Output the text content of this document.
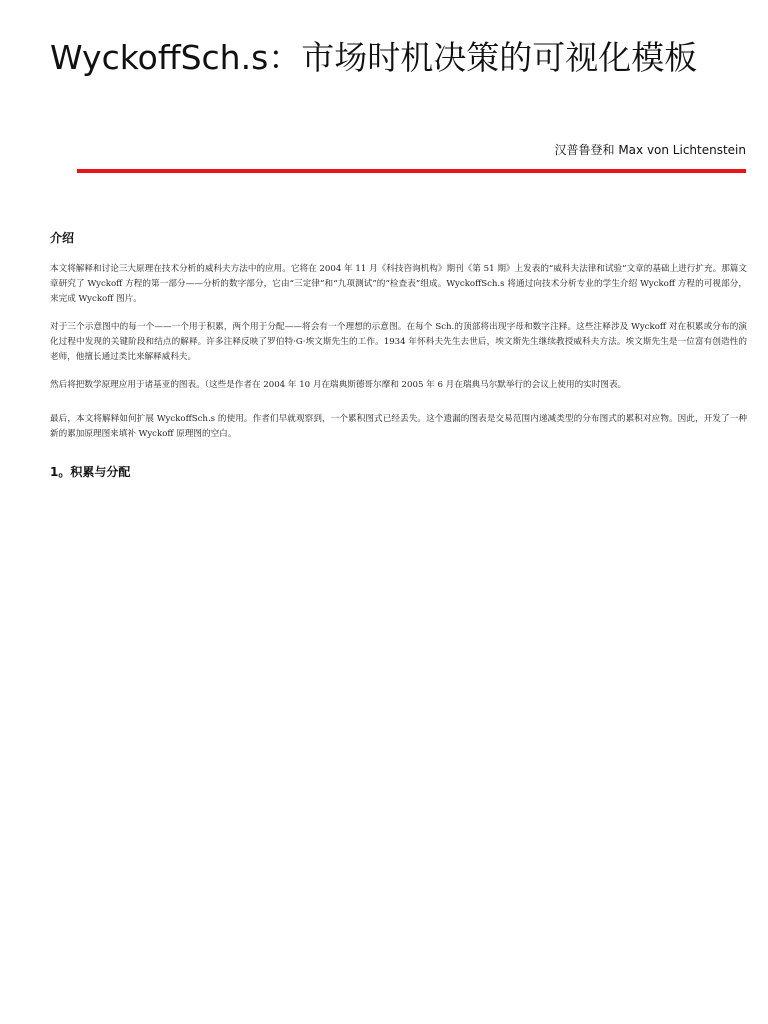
WyckoffSch.s：市场时机决策的可视化模板
汉普鲁登和 Max von Lichtenstein
介绍

本文将解释和讨论三大原理在技术分析的威科夫方法中的应用。它将在 2004 年 11 月《科技咨询机构》期刊《第 51 期》上发表的“威科夫法律和试验”文章的基础上进行扩充。那篇文章研究了 Wyckoff 方程的第一部分——分析的数字部分，它由“三定律”和“九项测试”的“检查表”组成。WyckoffSch.s 将通过向技术分析专业的学生介绍 Wyckoff 方程的可视部分，来完成 Wyckoff 图片。

对于三个示意图中的每一个——一个用于积累，两个用于分配——将会有一个理想的示意图。在每个 Sch.的顶部将出现字母和数字注释。这些注释涉及 Wyckoff 对在积累或分布的演化过程中发现的关键阶段和结点的解释。许多注释反映了罗伯特·G·埃文斯先生的工作。1934 年怀科夫先生去世后，埃文斯先生继续教授威科夫方法。埃文斯先生是一位富有创造性的老师，他擅长通过类比来解释威科夫。

然后将把数学原理应用于诸基亚的图表。（这些是作者在 2004 年 10 月在瑞典斯德哥尔摩和 2005 年 6 月在瑞典马尔默举行的会议上使用的实时图表。

最后，本文将解释如何扩展 WyckoffSch.s 的使用。作者们早就观察到，一个累积图式已经丢失。这个遗漏的图表是交易范围内递减类型的分布图式的累积对应物。因此，开发了一种新的累加原理图来填补 Wyckoff 原理图的空白。

1。积累与分配
